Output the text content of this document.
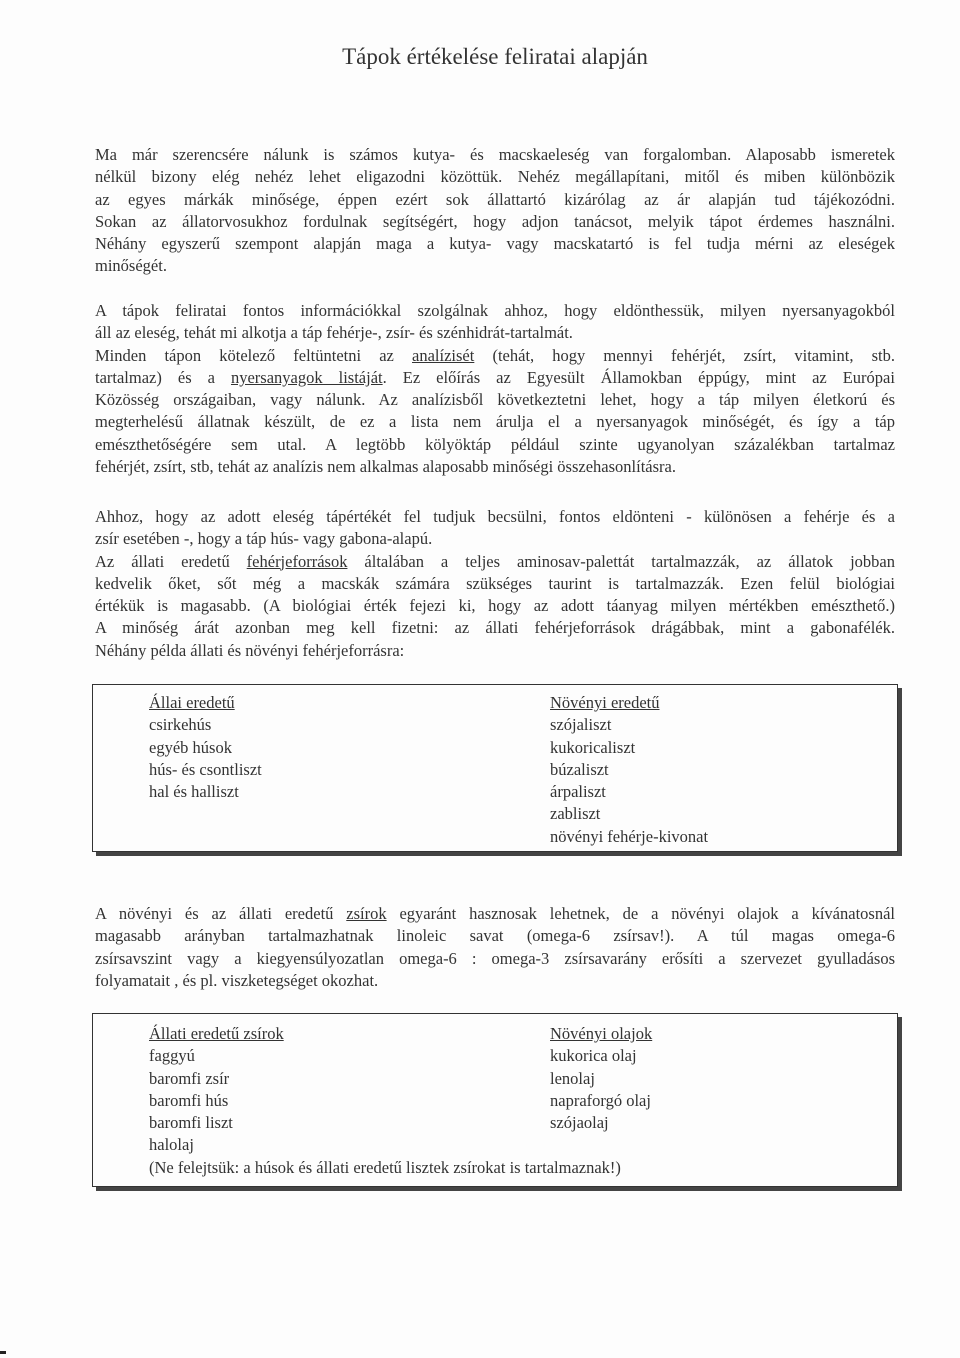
Tápok értékelése feliratai alapján
Ma már szerencsére nálunk is számos kutya- és macskaeleség van forgalomban. Alaposabb ismeretek
nélkül bizony elég nehéz lehet eligazodni közöttük. Nehéz megállapítani, mitől és miben különbözik
az egyes márkák minősége, éppen ezért sok állattartó kizárólag az ár alapján tud tájékozódni.
Sokan az állatorvosukhoz fordulnak segítségért, hogy adjon tanácsot, melyik tápot érdemes használni.
Néhány egyszerű szempont alapján maga a kutya- vagy macskatartó is fel tudja mérni az eleségek
minőségét.
A tápok feliratai fontos információkkal szolgálnak ahhoz, hogy eldönthessük, milyen nyersanyagokból
áll az eleség, tehát mi alkotja a táp fehérje-, zsír- és szénhidrát-tartalmát.
Minden tápon kötelező feltüntetni az analízisét (tehát, hogy mennyi fehérjét, zsírt, vitamint, stb.
tartalmaz) és a nyersanyagok listáját. Ez előírás az Egyesült Államokban éppúgy, mint az Európai
Közösség országaiban, vagy nálunk. Az analízisből következtetni lehet, hogy a táp milyen életkorú és
megterhelésű állatnak készült, de ez a lista nem árulja el a nyersanyagok minőségét, és így a táp
emészthetőségére sem utal. A legtöbb kölyöktáp például szinte ugyanolyan százalékban tartalmaz
fehérjét, zsírt, stb, tehát az analízis nem alkalmas alaposabb minőségi összehasonlításra.
Ahhoz, hogy az adott eleség tápértékét fel tudjuk becsülni, fontos eldönteni - különösen a fehérje és a
zsír esetében -, hogy a táp hús- vagy gabona-alapú.
Az állati eredetű fehérjeforrások általában a teljes aminosav-palettát tartalmazzák, az állatok jobban
kedvelik őket, sőt még a macskák számára szükséges taurint is tartalmazzák. Ezen felül biológiai
értékük is magasabb. (A biológiai érték fejezi ki, hogy az adott táanyag milyen mértékben emészthető.)
A minőség árát azonban meg kell fizetni: az állati fehérjeforrások drágábbak, mint a gabonafélék.
Néhány példa állati és növényi fehérjeforrásra:
Állai eredetű
csirkehús
egyéb húsok
hús- és csontliszt
hal és halliszt
Növényi eredetű
szójaliszt
kukoricaliszt
búzaliszt
árpaliszt
zabliszt
növényi fehérje-kivonat
A növényi és az állati eredetű zsírok egyaránt hasznosak lehetnek, de a növényi olajok a kívánatosnál
magasabb arányban tartalmazhatnak linoleic savat (omega-6 zsírsav!). A túl magas omega-6
zsírsavszint vagy a kiegyensúlyozatlan omega-6 : omega-3 zsírsavarány erősíti a szervezet gyulladásos
folyamatait , és pl. viszketegséget okozhat.
Állati eredetű zsírok
faggyú
baromfi zsír
baromfi hús
baromfi liszt
halolaj
(Ne felejtsük: a húsok és állati eredetű lisztek zsírokat is tartalmaznak!)
Növényi olajok
kukorica olaj
lenolaj
napraforgó olaj
szójaolaj
